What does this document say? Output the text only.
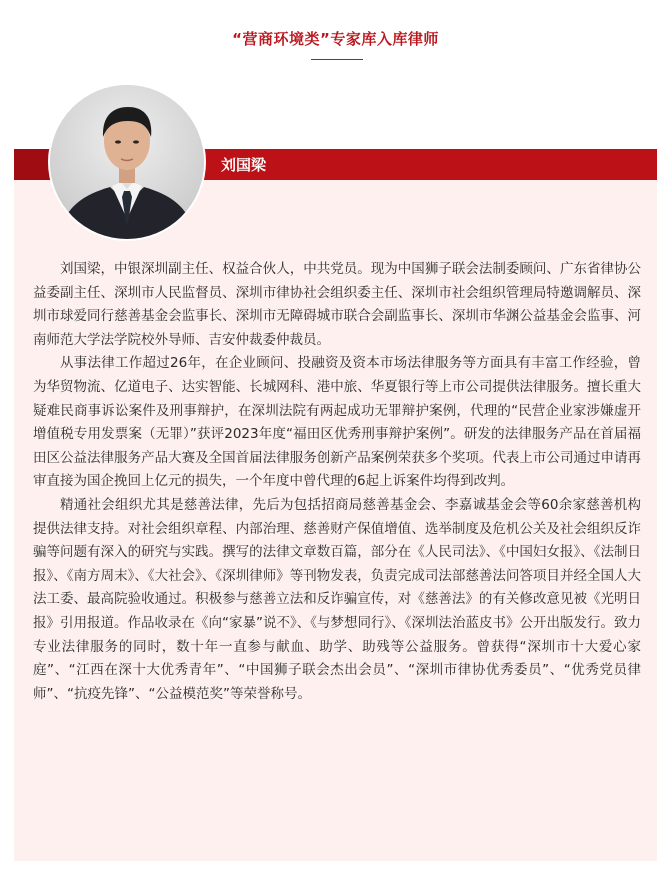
“营商环境类”专家库入库律师
刘国梁

刘国梁，中银深圳副主任、权益合伙人，中共党员。现为中国狮子联会法制委顾问、广东省律协公益委副主任、深圳市人民监督员、深圳市律协社会组织委主任、深圳市社会组织管理局特邀调解员、深圳市球爱同行慈善基金会监事长、深圳市无障碍城市联合会副监事长、深圳市华渊公益基金会监事、河南师范大学法学院校外导师、吉安仲裁委仲裁员。

从事法律工作超过26年，在企业顾问、投融资及资本市场法律服务等方面具有丰富工作经验，曾为华贸物流、亿道电子、达实智能、长城网科、港中旅、华夏银行等上市公司提供法律服务。擅长重大疑难民商事诉讼案件及刑事辩护，在深圳法院有两起成功无罪辩护案例，代理的“民营企业家涉嫌虚开增值税专用发票案（无罪）”获评2023年度“福田区优秀刑事辩护案例”。研发的法律服务产品在首届福田区公益法律服务产品大赛及全国首届法律服务创新产品案例荣获多个奖项。代表上市公司通过申请再审直接为国企挽回上亿元的损失，一个年度中曾代理的6起上诉案件均得到改判。

精通社会组织尤其是慈善法律，先后为包括招商局慈善基金会、李嘉诚基金会等60余家慈善机构提供法律支持。对社会组织章程、内部治理、慈善财产保值增值、选举制度及危机公关及社会组织反诈骗等问题有深入的研究与实践。撰写的法律文章数百篇，部分在《人民司法》、《中国妇女报》、《法制日报》、《南方周末》、《大社会》、《深圳律师》等刊物发表，负责完成司法部慈善法问答项目并经全国人大法工委、最高院验收通过。积极参与慈善立法和反诈骗宣传，对《慈善法》的有关修改意见被《光明日报》引用报道。作品收录在《向“家暴”说不》、《与梦想同行》、《深圳法治蓝皮书》公开出版发行。致力专业法律服务的同时，数十年一直参与献血、助学、助残等公益服务。曾获得“深圳市十大爱心家庭”、“江西在深十大优秀青年”、“中国狮子联会杰出会员”、“深圳市律协优秀委员”、“优秀党员律师”、“抗疫先锋”、“公益模范奖”等荣誉称号。
